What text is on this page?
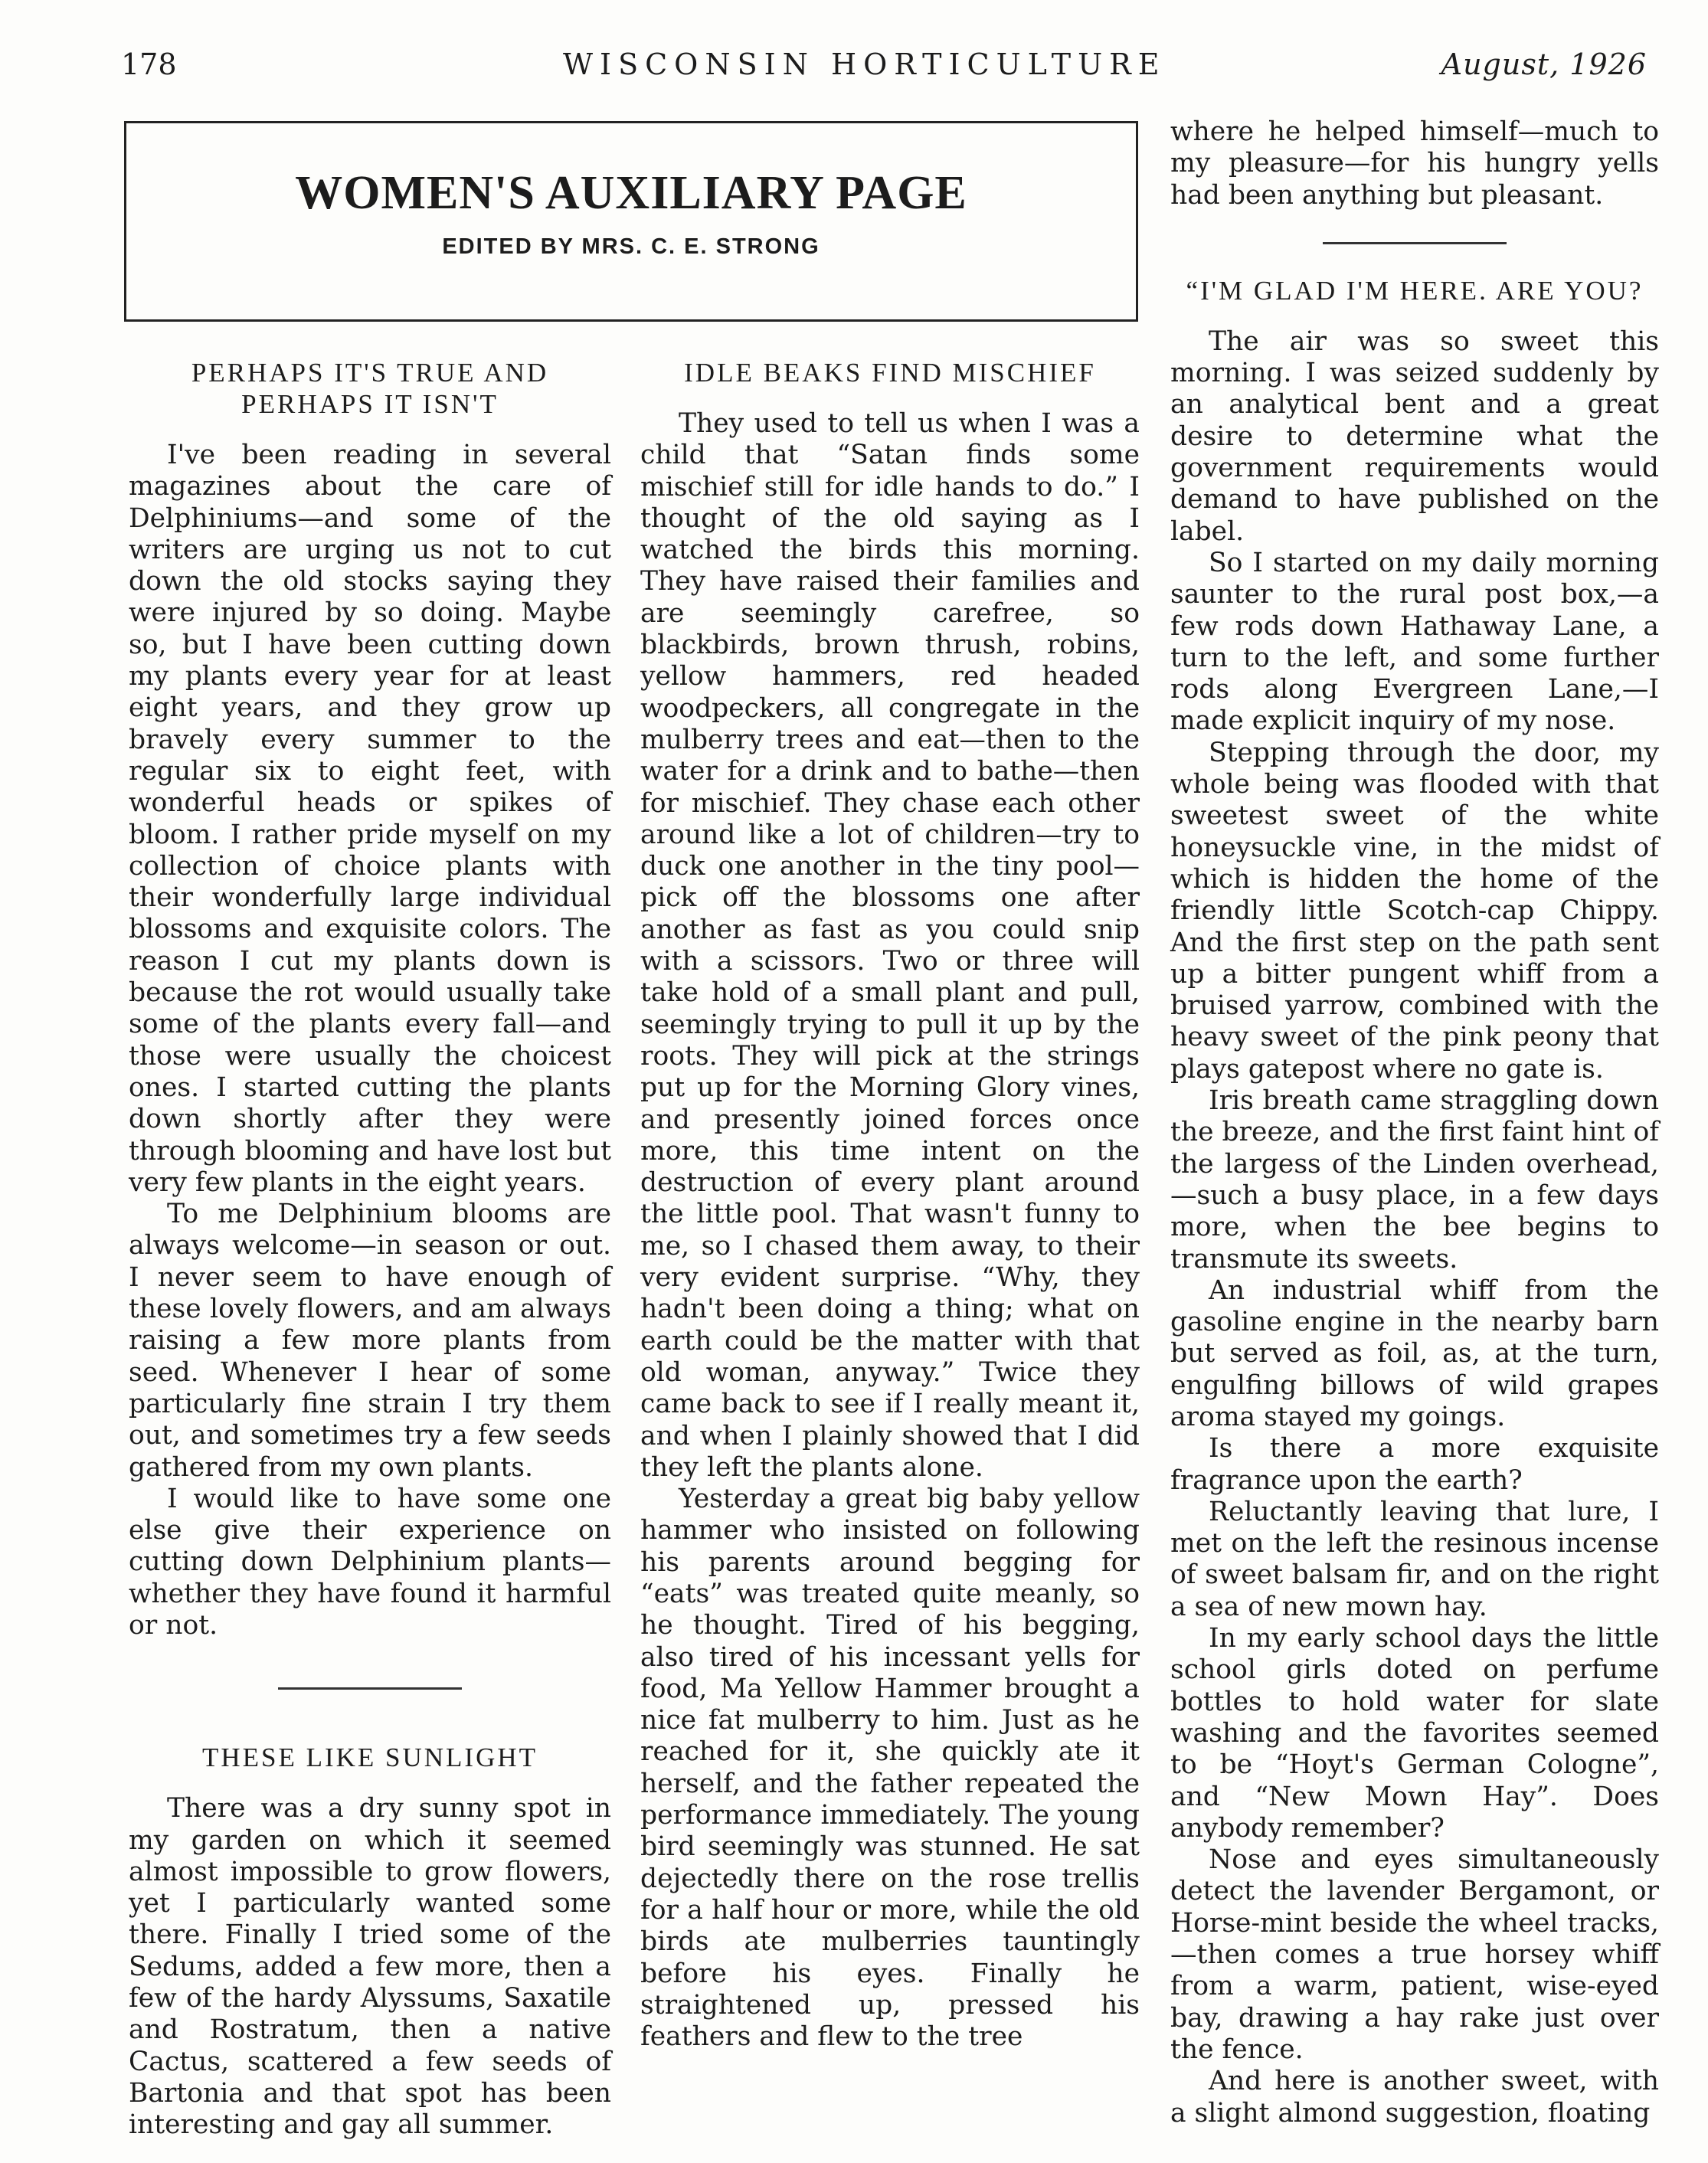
178	WISCONSIN HORTICULTURE	August, 1926
WOMEN'S AUXILIARY PAGE
EDITED BY MRS. C. E. STRONG
PERHAPS IT'S TRUE AND PERHAPS IT ISN'T

I've been reading in several magazines about the care of Delphiniums—and some of the writers are urging us not to cut down the old stocks saying they were injured by so doing. Maybe so, but I have been cutting down my plants every year for at least eight years, and they grow up bravely every summer to the regular six to eight feet, with wonderful heads or spikes of bloom. I rather pride myself on my collection of choice plants with their wonderfully large individual blossoms and exquisite colors. The reason I cut my plants down is because the rot would usually take some of the plants every fall—and those were usually the choicest ones. I started cutting the plants down shortly after they were through blooming and have lost but very few plants in the eight years.

To me Delphinium blooms are always welcome—in season or out. I never seem to have enough of these lovely flowers, and am always raising a few more plants from seed. Whenever I hear of some particularly fine strain I try them out, and sometimes try a few seeds gathered from my own plants.

I would like to have some one else give their experience on cutting down Delphinium plants—whether they have found it harmful or not.

THESE LIKE SUNLIGHT

There was a dry sunny spot in my garden on which it seemed almost impossible to grow flowers, yet I particularly wanted some there. Finally I tried some of the Sedums, added a few more, then a few of the hardy Alyssums, Saxatile and Rostratum, then a native Cactus, scattered a few seeds of Bartonia and that spot has been interesting and gay all summer.

IDLE BEAKS FIND MISCHIEF

They used to tell us when I was a child that “Satan finds some mischief still for idle hands to do.” I thought of the old saying as I watched the birds this morning. They have raised their families and are seemingly carefree, so blackbirds, brown thrush, robins, yellow hammers, red headed woodpeckers, all congregate in the mulberry trees and eat—then to the water for a drink and to bathe—then for mischief. They chase each other around like a lot of children—try to duck one another in the tiny pool—pick off the blossoms one after another as fast as you could snip with a scissors. Two or three will take hold of a small plant and pull, seemingly trying to pull it up by the roots. They will pick at the strings put up for the Morning Glory vines, and presently joined forces once more, this time intent on the destruction of every plant around the little pool. That wasn't funny to me, so I chased them away, to their very evident surprise. “Why, they hadn't been doing a thing; what on earth could be the matter with that old woman, anyway.” Twice they came back to see if I really meant it, and when I plainly showed that I did they left the plants alone.

Yesterday a great big baby yellow hammer who insisted on following his parents around begging for “eats” was treated quite meanly, so he thought. Tired of his begging, also tired of his incessant yells for food, Ma Yellow Hammer brought a nice fat mulberry to him. Just as he reached for it, she quickly ate it herself, and the father repeated the performance immediately. The young bird seemingly was stunned. He sat dejectedly there on the rose trellis for a half hour or more, while the old birds ate mulberries tauntingly before his eyes. Finally he straightened up, pressed his feathers and flew to the tree

where he helped himself—much to my pleasure—for his hungry yells had been anything but pleasant.

“I'M GLAD I'M HERE. ARE YOU?

The air was so sweet this morning. I was seized suddenly by an analytical bent and a great desire to determine what the government requirements would demand to have published on the label.

So I started on my daily morning saunter to the rural post box,—a few rods down Hathaway Lane, a turn to the left, and some further rods along Evergreen Lane,—I made explicit inquiry of my nose.

Stepping through the door, my whole being was flooded with that sweetest sweet of the white honeysuckle vine, in the midst of which is hidden the home of the friendly little Scotch-cap Chippy. And the first step on the path sent up a bitter pungent whiff from a bruised yarrow, combined with the heavy sweet of the pink peony that plays gatepost where no gate is.

Iris breath came straggling down the breeze, and the first faint hint of the largess of the Linden overhead,—such a busy place, in a few days more, when the bee begins to transmute its sweets.

An industrial whiff from the gasoline engine in the nearby barn but served as foil, as, at the turn, engulfing billows of wild grapes aroma stayed my goings.

Is there a more exquisite fragrance upon the earth?

Reluctantly leaving that lure, I met on the left the resinous incense of sweet balsam fir, and on the right a sea of new mown hay.

In my early school days the little school girls doted on perfume bottles to hold water for slate washing and the favorites seemed to be “Hoyt's German Cologne”, and “New Mown Hay”. Does anybody remember?

Nose and eyes simultaneously detect the lavender Bergamont, or Horse-mint beside the wheel tracks,—then comes a true horsey whiff from a warm, patient, wise-eyed bay, drawing a hay rake just over the fence.

And here is another sweet, with a slight almond suggestion, floating
